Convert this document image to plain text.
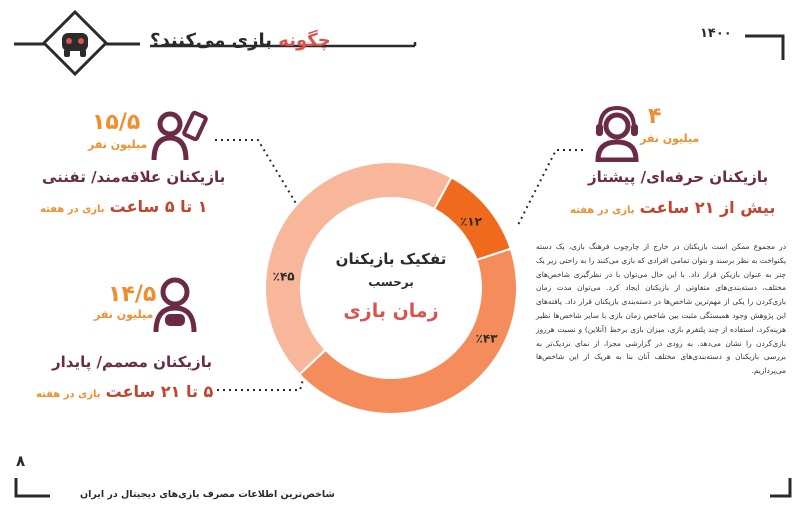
چگونه بازی می‌کنند؟	۱۴۰۰
تفکیک بازیکنان
برحسب
زمان بازی
٪۱۲
٪۴۳
٪۴۵
۱۵/۵
میلیون نفر
بازیکنان علاقه‌مند/ تفننی
۱ تا ۵ ساعت بازی در هفته
۱۴/۵
میلیون نفر
بازیکنان مصمم/ پایدار
۵ تا ۲۱ ساعت بازی در هفته
۴
میلیون نفر
بازیکنان حرفه‌ای/ پیشتاز
بیش از ۲۱ ساعت بازی در هفته
در مجموع ممکن است بازیکنان در خارج از چارچوب فرهنگ بازی، یک دسته یکنواخت به نظر برسند و بتوان تمامی افرادی که بازی می‌کنند را به راحتی زیر یک چتر به عنوان بازیکن قرار داد. با این حال می‌توان با در نظرگیری شاخص‌های مختلف، دسته‌بندی‌های متفاوتی از بازیکنان ایجاد کرد. می‌توان مدت زمان بازی‌کردن را یکی از مهم‌ترین شاخص‌ها در دسته‌بندی بازیکنان قرار داد. یافته‌های این پژوهش وجود همبستگی مثبت بین شاخص زمان بازی با سایر شاخص‌ها نظیر هزینه‌کرد، استفاده از چند پلتفرم بازی، میزان بازی برخط (آنلاین) و نسبت هرروز بازی‌کردن را نشان می‌دهد. به زودی در گزارشی مجزا، از نمای نزدیک‌تر به بررسی بازیکنان و دسته‌بندی‌های مختلف آنان بنا به هریک از این شاخص‌ها می‌پردازیم.
۸
شاخص‌ترین اطلاعات مصرف بازی‌های دیجیتال در ایران
